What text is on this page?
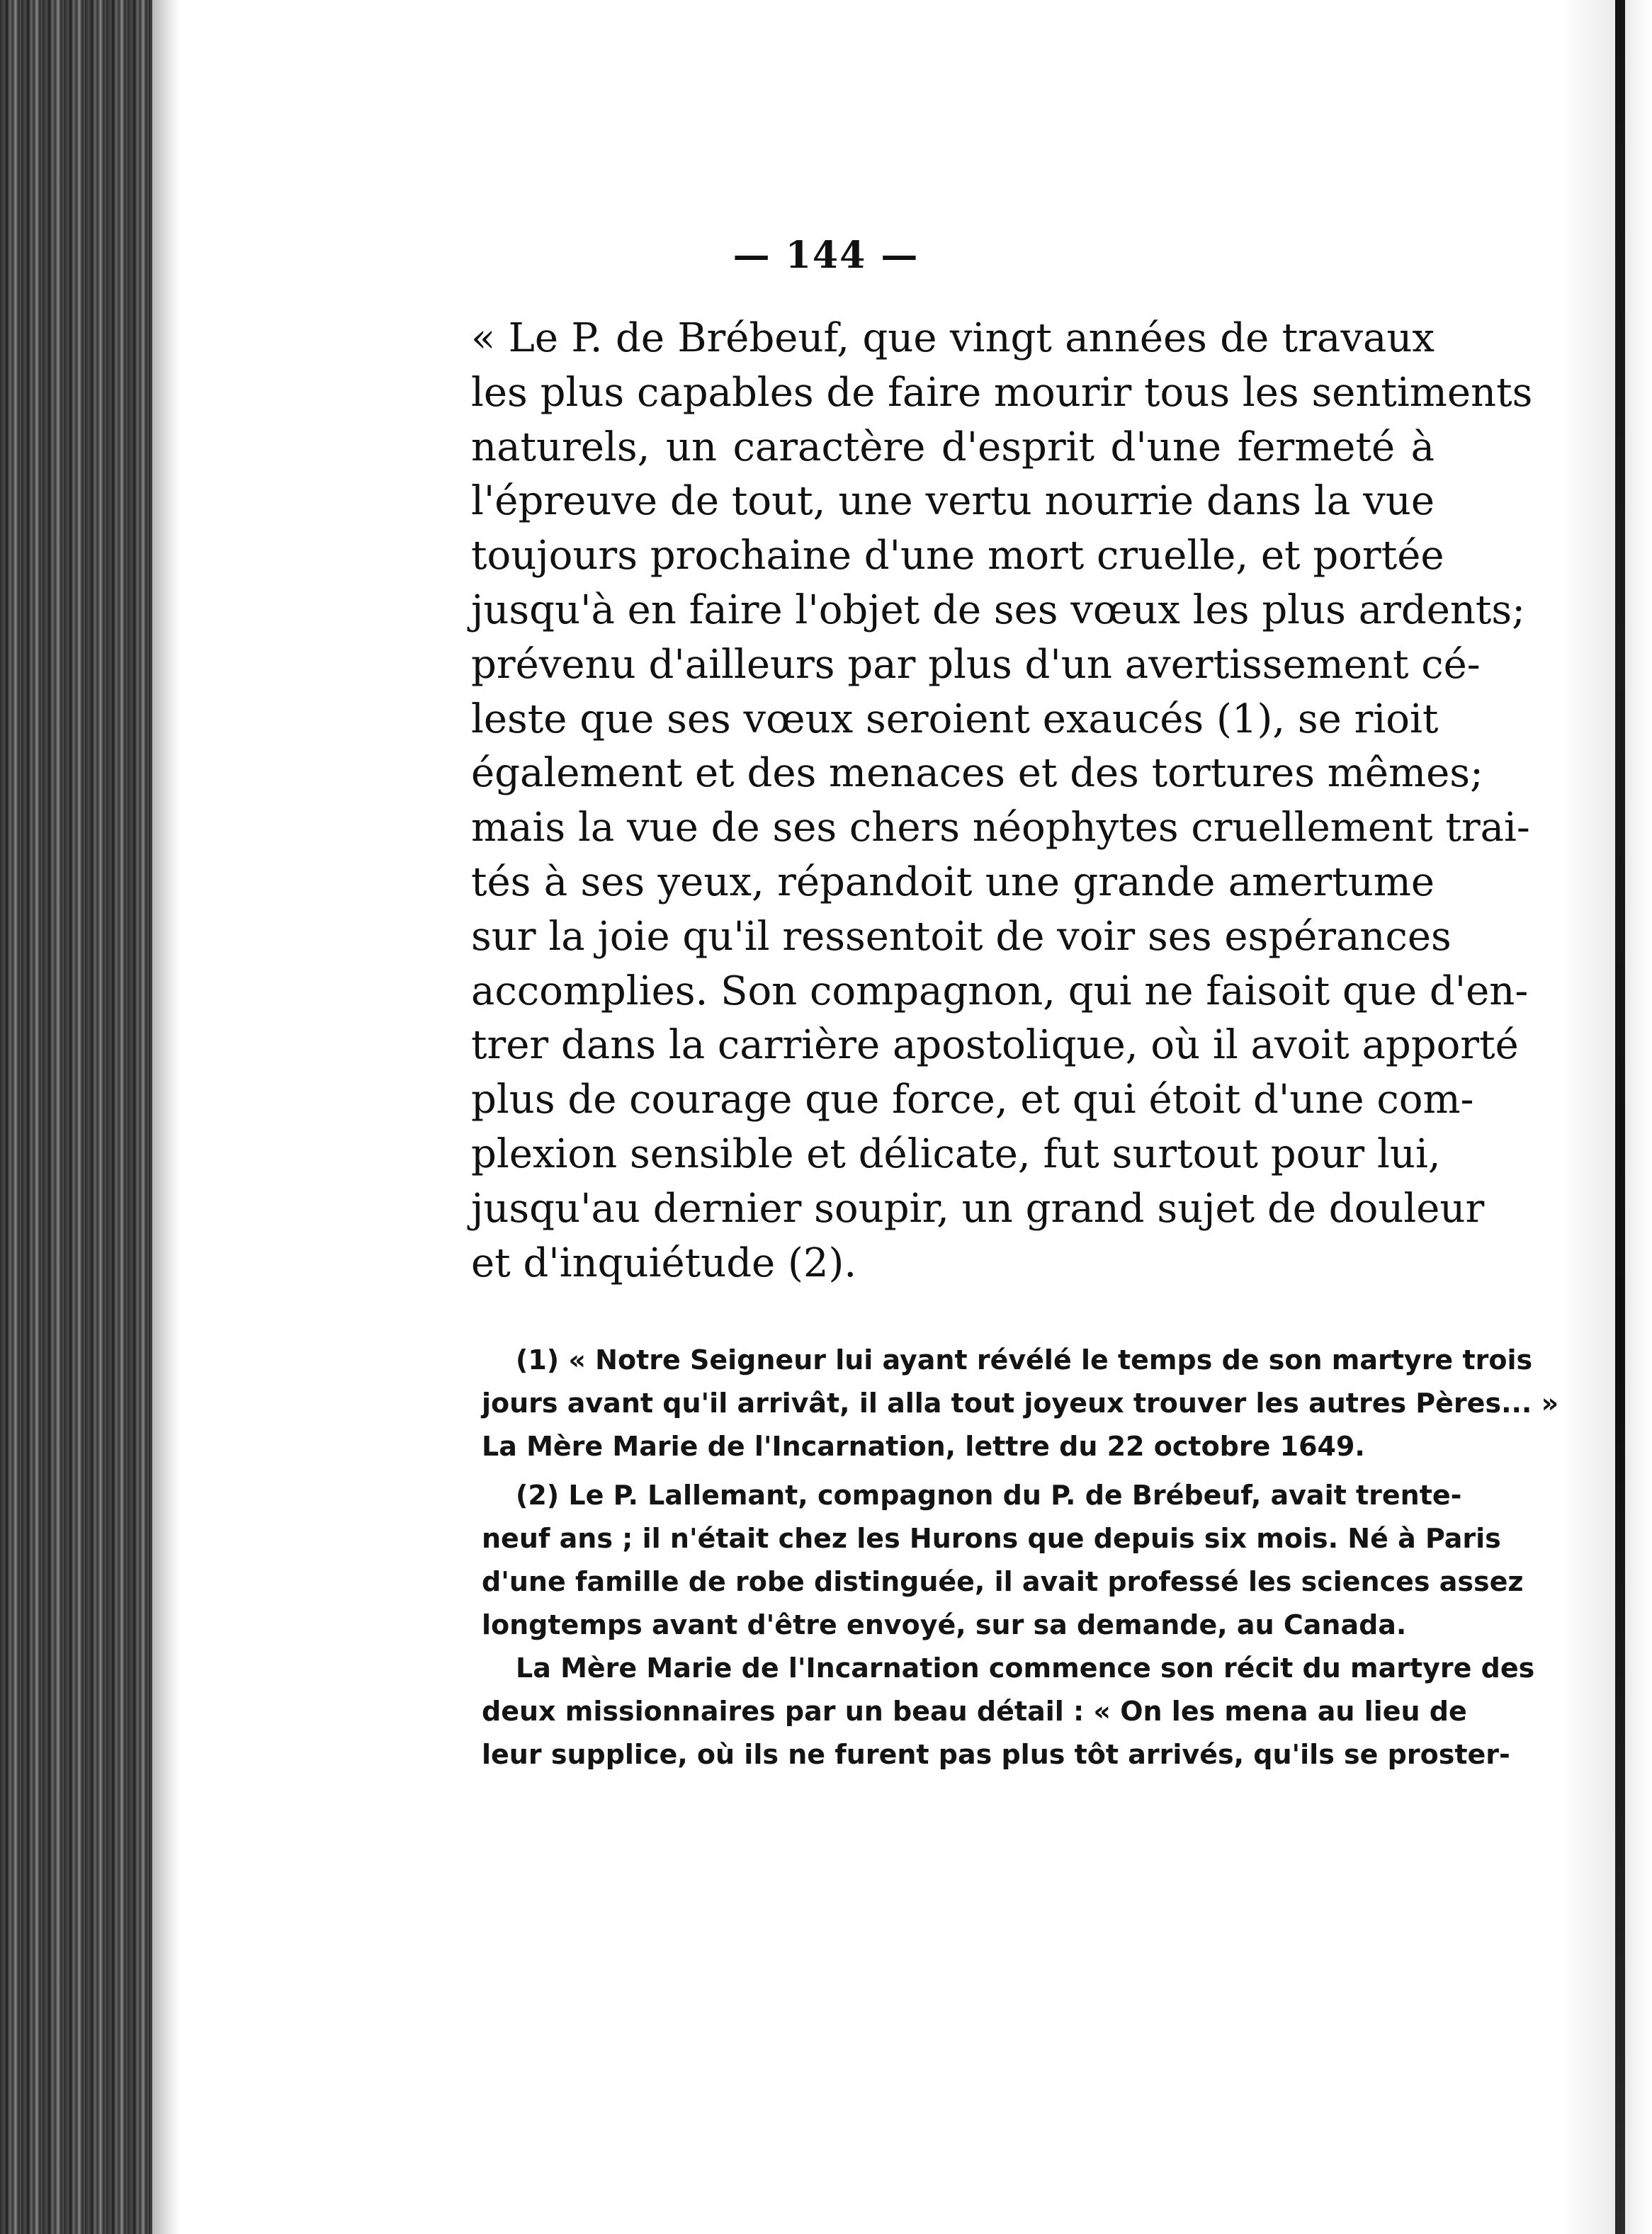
— 144 —
« Le P. de Brébeuf, que vingt années de travaux
les plus capables de faire mourir tous les sentiments
naturels, un caractère d'esprit d'une fermeté à
l'épreuve de tout, une vertu nourrie dans la vue
toujours prochaine d'une mort cruelle, et portée
jusqu'à en faire l'objet de ses vœux les plus ardents;
prévenu d'ailleurs par plus d'un avertissement cé-
leste que ses vœux seroient exaucés (1), se rioit
également et des menaces et des tortures mêmes;
mais la vue de ses chers néophytes cruellement trai-
tés à ses yeux, répandoit une grande amertume
sur la joie qu'il ressentoit de voir ses espérances
accomplies. Son compagnon, qui ne faisoit que d'en-
trer dans la carrière apostolique, où il avoit apporté
plus de courage que force, et qui étoit d'une com-
plexion sensible et délicate, fut surtout pour lui,
jusqu'au dernier soupir, un grand sujet de douleur
et d'inquiétude (2).
(1) « Notre Seigneur lui ayant révélé le temps de son martyre trois
jours avant qu'il arrivât, il alla tout joyeux trouver les autres Pères... »
La Mère Marie de l'Incarnation, lettre du 22 octobre 1649.
(2) Le P. Lallemant, compagnon du P. de Brébeuf, avait trente-
neuf ans ; il n'était chez les Hurons que depuis six mois. Né à Paris
d'une famille de robe distinguée, il avait professé les sciences assez
longtemps avant d'être envoyé, sur sa demande, au Canada.
La Mère Marie de l'Incarnation commence son récit du martyre des
deux missionnaires par un beau détail : « On les mena au lieu de
leur supplice, où ils ne furent pas plus tôt arrivés, qu'ils se proster-
